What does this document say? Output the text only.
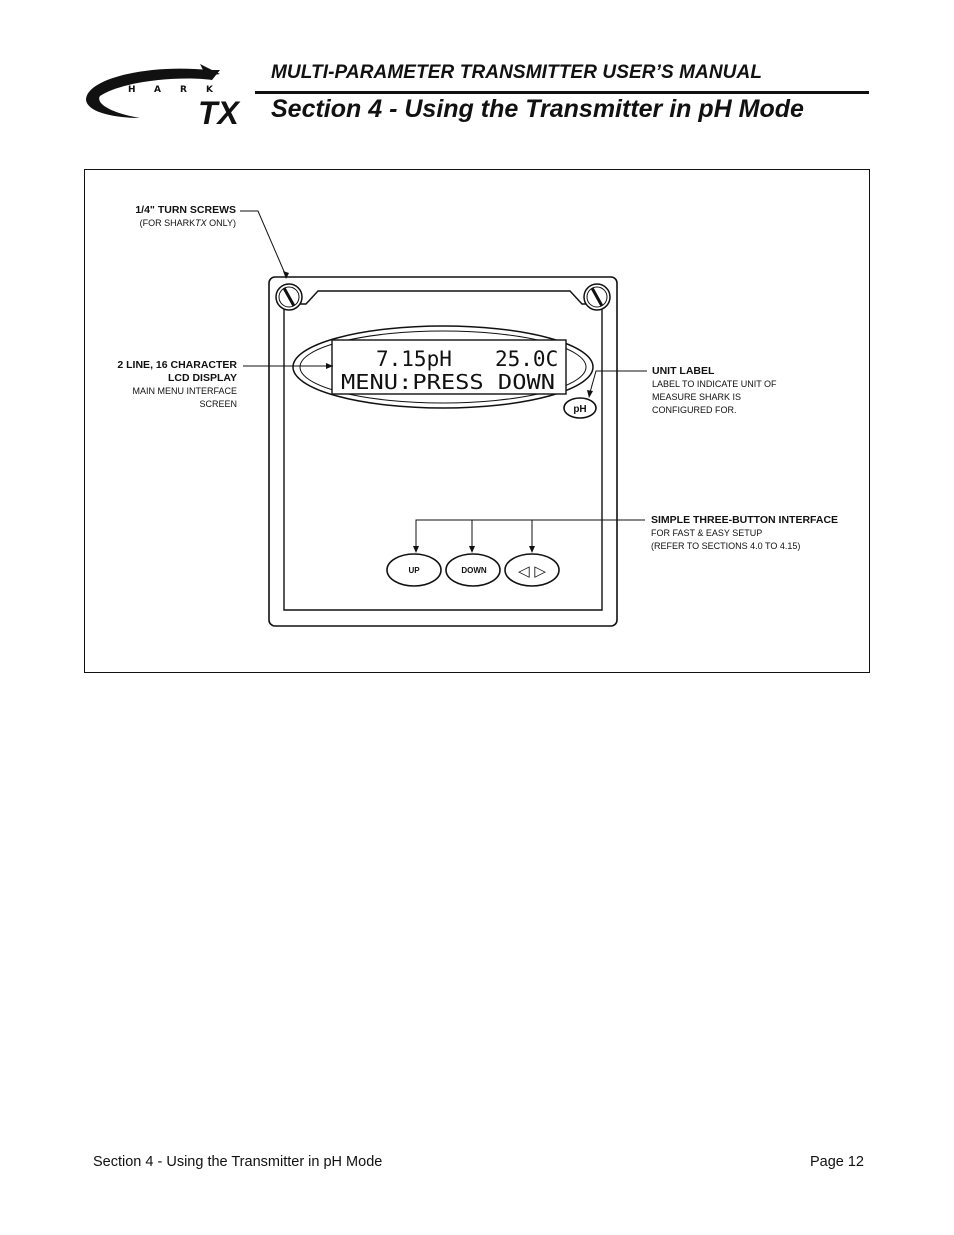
S H A R K
TX
MULTI-PARAMETER TRANSMITTER USER’S MANUAL
Section 4 - Using the Transmitter in pH Mode
7.15pH 25.0C
MENU:PRESS DOWN
pH
UP	DOWN ◁ ▷
1/4" TURN SCREWS
(FOR SHARKTX ONLY)
2 LINE, 16 CHARACTER
LCD DISPLAY
MAIN MENU INTERFACE
SCREEN
UNIT LABEL
LABEL TO INDICATE UNIT OF
MEASURE SHARK IS
CONFIGURED FOR.
SIMPLE THREE-BUTTON INTERFACE
FOR FAST & EASY SETUP
(REFER TO SECTIONS 4.0 TO 4.15)
Section 4 - Using the Transmitter in pH Mode	Page 12
